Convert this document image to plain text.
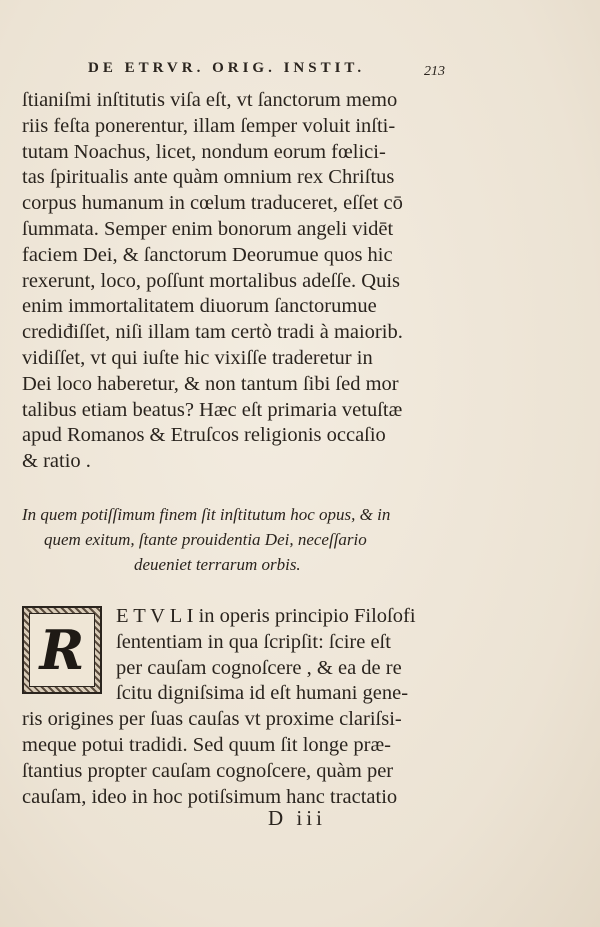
DE ETRVR. ORIG. INSTIT.	213
ſtianiſmi inſtitutis viſa eſt, vt ſanctorum memo
riis feſta ponerentur, illam ſemper voluit inſti-
tutam Noachus, licet, nondum eorum fœlici-
tas ſpiritualis ante quàm omnium rex Chriſtus
corpus humanum in cœlum traduceret, eſſet cō
ſummata. Semper enim bonorum angeli vidēt
faciem Dei, & ſanctorum Deorumue quos hic
rexerunt, loco, poſſunt mortalibus adeſſe. Quis
enim immortalitatem diuorum ſanctorumue
crediđiſſet, niſi illam tam certò tradi à maiorib.
vidiſſet, vt qui iuſte hic vixiſſe traderetur in
Dei loco haberetur, & non tantum ſibi ſed mor
talibus etiam beatus? Hæc eſt primaria vetuſtæ
apud Romanos & Etruſcos religionis occaſio
& ratio .
In quem potiſſimum finem ſit inſtitutum hoc opus, & in
quem exitum, ſtante prouidentia Dei, neceſſario
deueniet terrarum orbis.
R
E T V L I in operis principio Filoſofi
ſententiam in qua ſcripſit: ſcire eſt
per cauſam cognoſcere , & ea de re
ſcitu digniſsima id eſt humani gene-
ris origines per ſuas cauſas vt proxime clariſsi-
meque potui tradidi. Sed quum ſit longe præ-
ſtantius propter cauſam cognoſcere, quàm per
cauſam, ideo in hoc potiſsimum hanc tractatio
D iii
